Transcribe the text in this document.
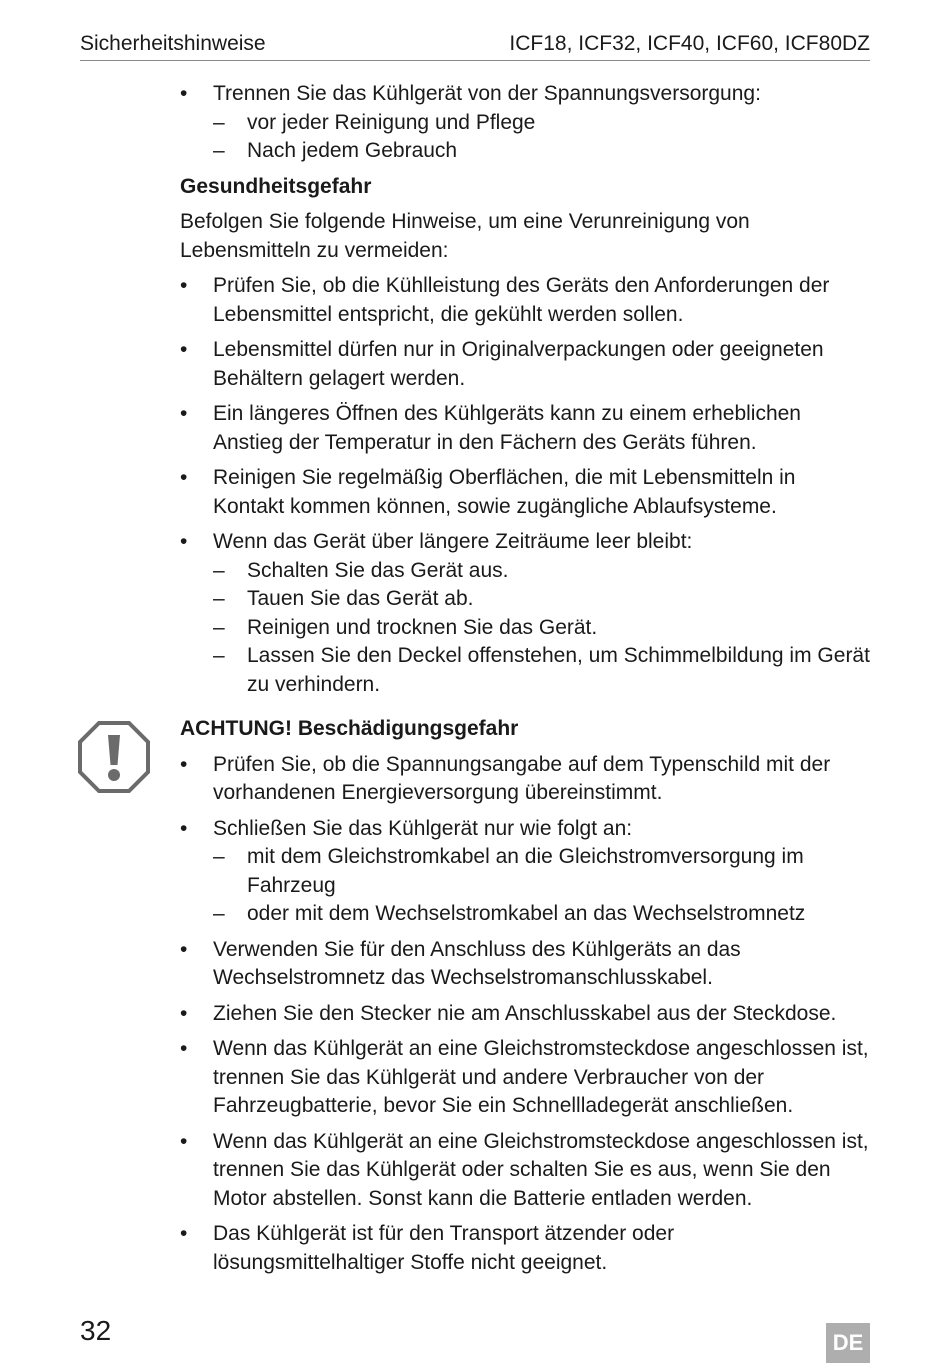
Sicherheitshinweise	ICF18, ICF32, ICF40, ICF60, ICF80DZ
• Trennen Sie das Kühlgerät von der Spannungsversorgung:
– vor jeder Reinigung und Pflege
– Nach jedem Gebrauch
Gesundheitsgefahr
Befolgen Sie folgende Hinweise, um eine Verunreinigung von Lebensmitteln zu vermeiden:
• Prüfen Sie, ob die Kühlleistung des Geräts den Anforderungen der Lebensmittel entspricht, die gekühlt werden sollen.
• Lebensmittel dürfen nur in Originalverpackungen oder geeigneten Behältern gelagert werden.
• Ein längeres Öffnen des Kühlgeräts kann zu einem erheblichen Anstieg der Temperatur in den Fächern des Geräts führen.
• Reinigen Sie regelmäßig Oberflächen, die mit Lebensmitteln in Kontakt kommen können, sowie zugängliche Ablaufsysteme.
• Wenn das Gerät über längere Zeiträume leer bleibt:
– Schalten Sie das Gerät aus.
– Tauen Sie das Gerät ab.
– Reinigen und trocknen Sie das Gerät.
– Lassen Sie den Deckel offenstehen, um Schimmelbildung im Gerät zu verhindern.
ACHTUNG! Beschädigungsgefahr
• Prüfen Sie, ob die Spannungsangabe auf dem Typenschild mit der vorhandenen Energieversorgung übereinstimmt.
• Schließen Sie das Kühlgerät nur wie folgt an:
– mit dem Gleichstromkabel an die Gleichstromversorgung im Fahrzeug
– oder mit dem Wechselstromkabel an das Wechselstromnetz
• Verwenden Sie für den Anschluss des Kühlgeräts an das Wechselstromnetz das Wechselstromanschlusskabel.
• Ziehen Sie den Stecker nie am Anschlusskabel aus der Steckdose.
• Wenn das Kühlgerät an eine Gleichstromsteckdose angeschlossen ist, trennen Sie das Kühlgerät und andere Verbraucher von der Fahrzeugbatterie, bevor Sie ein Schnellladegerät anschließen.
• Wenn das Kühlgerät an eine Gleichstromsteckdose angeschlossen ist, trennen Sie das Kühlgerät oder schalten Sie es aus, wenn Sie den Motor abstellen. Sonst kann die Batterie entladen werden.
• Das Kühlgerät ist für den Transport ätzender oder lösungsmittelhaltiger Stoffe nicht geeignet.
32	DE
